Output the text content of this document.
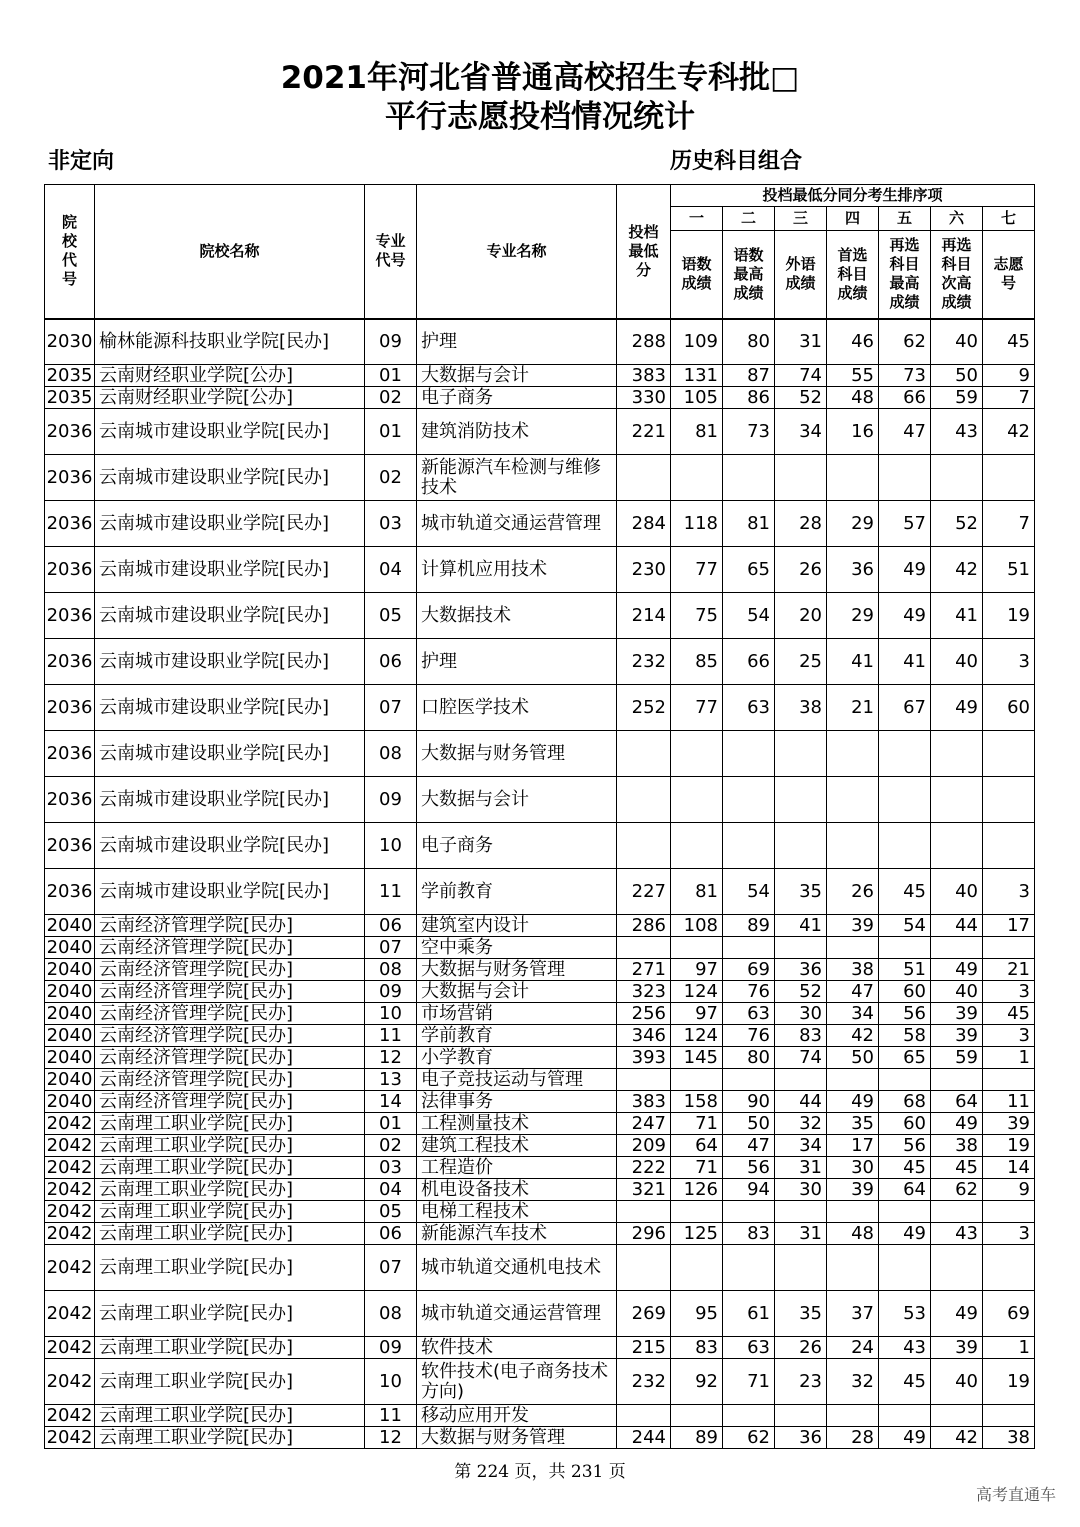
2021年河北省普通高校招生专科批□
平行志愿投档情况统计
非定向	历史科目组合
院校代号	院校名称	专业代号	专业名称	投档最低分	投档最低分同分考生排序项						
					一	二	三	四	五	六	七
					语数成绩	语数最高成绩	外语成绩	首选科目成绩	再选科目最高成绩	再选科目次高成绩	志愿号
2030	榆林能源科技职业学院[民办]	09	护理	288	109	80	31	46	62	40	45
2035	云南财经职业学院[公办]	01	大数据与会计	383	131	87	74	55	73	50	9
2035	云南财经职业学院[公办]	02	电子商务	330	105	86	52	48	66	59	7
2036	云南城市建设职业学院[民办]	01	建筑消防技术	221	81	73	34	16	47	43	42
2036	云南城市建设职业学院[民办]	02	新能源汽车检测与维修技术								
2036	云南城市建设职业学院[民办]	03	城市轨道交通运营管理	284	118	81	28	29	57	52	7
2036	云南城市建设职业学院[民办]	04	计算机应用技术	230	77	65	26	36	49	42	51
2036	云南城市建设职业学院[民办]	05	大数据技术	214	75	54	20	29	49	41	19
2036	云南城市建设职业学院[民办]	06	护理	232	85	66	25	41	41	40	3
2036	云南城市建设职业学院[民办]	07	口腔医学技术	252	77	63	38	21	67	49	60
2036	云南城市建设职业学院[民办]	08	大数据与财务管理								
2036	云南城市建设职业学院[民办]	09	大数据与会计								
2036	云南城市建设职业学院[民办]	10	电子商务								
2036	云南城市建设职业学院[民办]	11	学前教育	227	81	54	35	26	45	40	3
2040	云南经济管理学院[民办]	06	建筑室内设计	286	108	89	41	39	54	44	17
2040	云南经济管理学院[民办]	07	空中乘务								
2040	云南经济管理学院[民办]	08	大数据与财务管理	271	97	69	36	38	51	49	21
2040	云南经济管理学院[民办]	09	大数据与会计	323	124	76	52	47	60	40	3
2040	云南经济管理学院[民办]	10	市场营销	256	97	63	30	34	56	39	45
2040	云南经济管理学院[民办]	11	学前教育	346	124	76	83	42	58	39	3
2040	云南经济管理学院[民办]	12	小学教育	393	145	80	74	50	65	59	1
2040	云南经济管理学院[民办]	13	电子竞技运动与管理								
2040	云南经济管理学院[民办]	14	法律事务	383	158	90	44	49	68	64	11
2042	云南理工职业学院[民办]	01	工程测量技术	247	71	50	32	35	60	49	39
2042	云南理工职业学院[民办]	02	建筑工程技术	209	64	47	34	17	56	38	19
2042	云南理工职业学院[民办]	03	工程造价	222	71	56	31	30	45	45	14
2042	云南理工职业学院[民办]	04	机电设备技术	321	126	94	30	39	64	62	9
2042	云南理工职业学院[民办]	05	电梯工程技术								
2042	云南理工职业学院[民办]	06	新能源汽车技术	296	125	83	31	48	49	43	3
2042	云南理工职业学院[民办]	07	城市轨道交通机电技术								
2042	云南理工职业学院[民办]	08	城市轨道交通运营管理	269	95	61	35	37	53	49	69
2042	云南理工职业学院[民办]	09	软件技术	215	83	63	26	24	43	39	1
2042	云南理工职业学院[民办]	10	软件技术(电子商务技术方向)	232	92	71	23	32	45	40	19
2042	云南理工职业学院[民办]	11	移动应用开发								
2042	云南理工职业学院[民办]	12	大数据与财务管理	244	89	62	36	28	49	42	38
第 224 页，共 231 页
高考直通车
